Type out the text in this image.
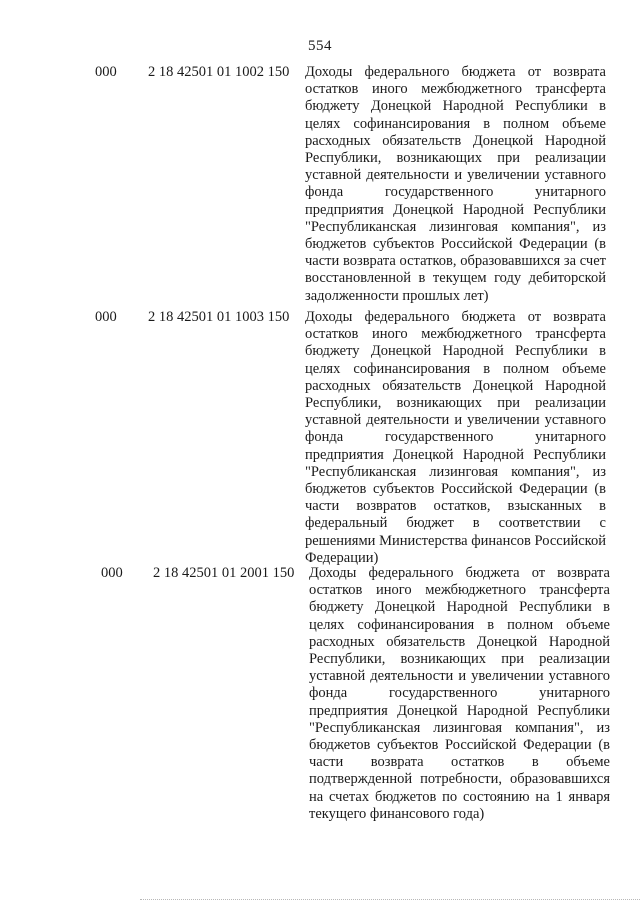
554
000 2 18 42501 01 1002 150 Доходы федерального бюджета от возврата остатков иного межбюджетного трансферта бюджету Донецкой Народной Республики в целях софинансирования в полном объеме расходных обязательств Донецкой Народной Республики, возникающих при реализации уставной деятельности и увеличении уставного фонда государственного унитарного предприятия Донецкой Народной Республики "Республиканская лизинговая компания", из бюджетов субъектов Российской Федерации (в части возврата остатков, образовавшихся за счет восстановленной в текущем году дебиторской задолженности прошлых лет)
000 2 18 42501 01 1003 150 Доходы федерального бюджета от возврата остатков иного межбюджетного трансферта бюджету Донецкой Народной Республики в целях софинансирования в полном объеме расходных обязательств Донецкой Народной Республики, возникающих при реализации уставной деятельности и увеличении уставного фонда государственного унитарного предприятия Донецкой Народной Республики "Республиканская лизинговая компания", из бюджетов субъектов Российской Федерации (в части возвратов остатков, взысканных в федеральный бюджет в соответствии с решениями Министерства финансов Российской Федерации)
000 2 18 42501 01 2001 150 Доходы федерального бюджета от возврата остатков иного межбюджетного трансферта бюджету Донецкой Народной Республики в целях софинансирования в полном объеме расходных обязательств Донецкой Народной Республики, возникающих при реализации уставной деятельности и увеличении уставного фонда государственного унитарного предприятия Донецкой Народной Республики "Республиканская лизинговая компания", из бюджетов субъектов Российской Федерации (в части возврата остатков в объеме подтвержденной потребности, образовавшихся на счетах бюджетов по состоянию на 1 января текущего финансового года)
